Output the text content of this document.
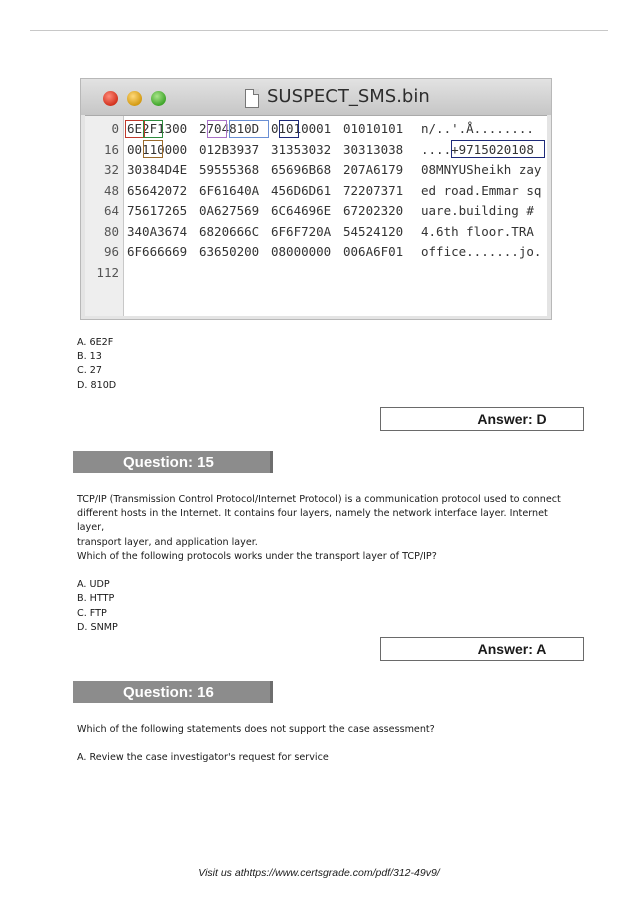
SUSPECT_SMS.bin
0 6E2F1300 2704810D 01010001 01010101	n/..'.Å........
16 00110000 012B3937 31353032 30313038	....+9715020108
32 30384D4E 59555368 65696B68 207A6179	08MNYUSheikh zay
48 65642072 6F61640A 456D6D61 72207371	ed road.Emmar sq
64 75617265 0A627569 6C64696E 67202320	uare.building #
80 340A3674 6820666C 6F6F720A 54524120	4.6th floor.TRA
96 6F666669 63650200 08000000 006A6F01	office.......jo.
112
A. 6E2F
B. 13
C. 27
D. 810D
Answer: D
Question: 15
TCP/IP (Transmission Control Protocol/Internet Protocol) is a communication protocol used to connect
different hosts in the Internet. It contains four layers, namely the network interface layer. Internet layer,
transport layer, and application layer.
Which of the following protocols works under the transport layer of TCP/IP?
A. UDP
B. HTTP
C. FTP
D. SNMP
Answer: A
Question: 16
Which of the following statements does not support the case assessment?
A. Review the case investigator's request for service
Visit us athttps://www.certsgrade.com/pdf/312-49v9/
